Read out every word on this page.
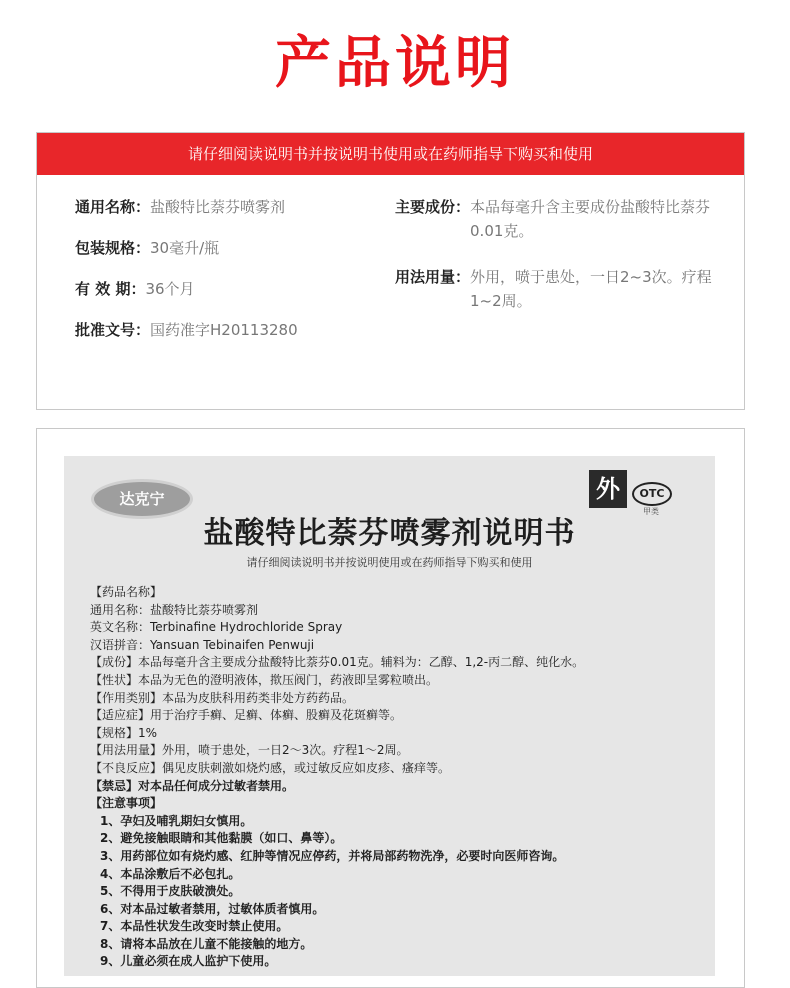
产品说明
请仔细阅读说明书并按说明书使用或在药师指导下购买和使用
通用名称： 盐酸特比萘芬喷雾剂
包装规格： 30毫升/瓶
有 效 期： 36个月
批准文号： 国药准字H20113280
主要成份： 本品每毫升含主要成份盐酸特比萘芬0.01克。
用法用量： 外用，喷于患处，一日2~3次。疗程1~2周。
达克宁	外	OTC
甲类
盐酸特比萘芬喷雾剂说明书
请仔细阅读说明书并按说明使用或在药师指导下购买和使用
【药品名称】
通用名称：盐酸特比萘芬喷雾剂
英文名称：Terbinafine Hydrochloride Spray
汉语拼音：Yansuan Tebinaifen Penwuji
【成份】本品每毫升含主要成分盐酸特比萘芬0.01克。辅料为：乙醇、1,2-丙二醇、纯化水。
【性状】本品为无色的澄明液体，揿压阀门，药液即呈雾粒喷出。
【作用类别】本品为皮肤科用药类非处方药药品。
【适应症】用于治疗手癣、足癣、体癣、股癣及花斑癣等。
【规格】1%
【用法用量】外用，喷于患处，一日2～3次。疗程1～2周。
【不良反应】偶见皮肤刺激如烧灼感，或过敏反应如皮疹、瘙痒等。
【禁忌】对本品任何成分过敏者禁用。
【注意事项】
1、孕妇及哺乳期妇女慎用。
2、避免接触眼睛和其他黏膜（如口、鼻等）。
3、用药部位如有烧灼感、红肿等情况应停药，并将局部药物洗净，必要时向医师咨询。
4、本品涂敷后不必包扎。
5、不得用于皮肤破溃处。
6、对本品过敏者禁用，过敏体质者慎用。
7、本品性状发生改变时禁止使用。
8、请将本品放在儿童不能接触的地方。
9、儿童必须在成人监护下使用。
